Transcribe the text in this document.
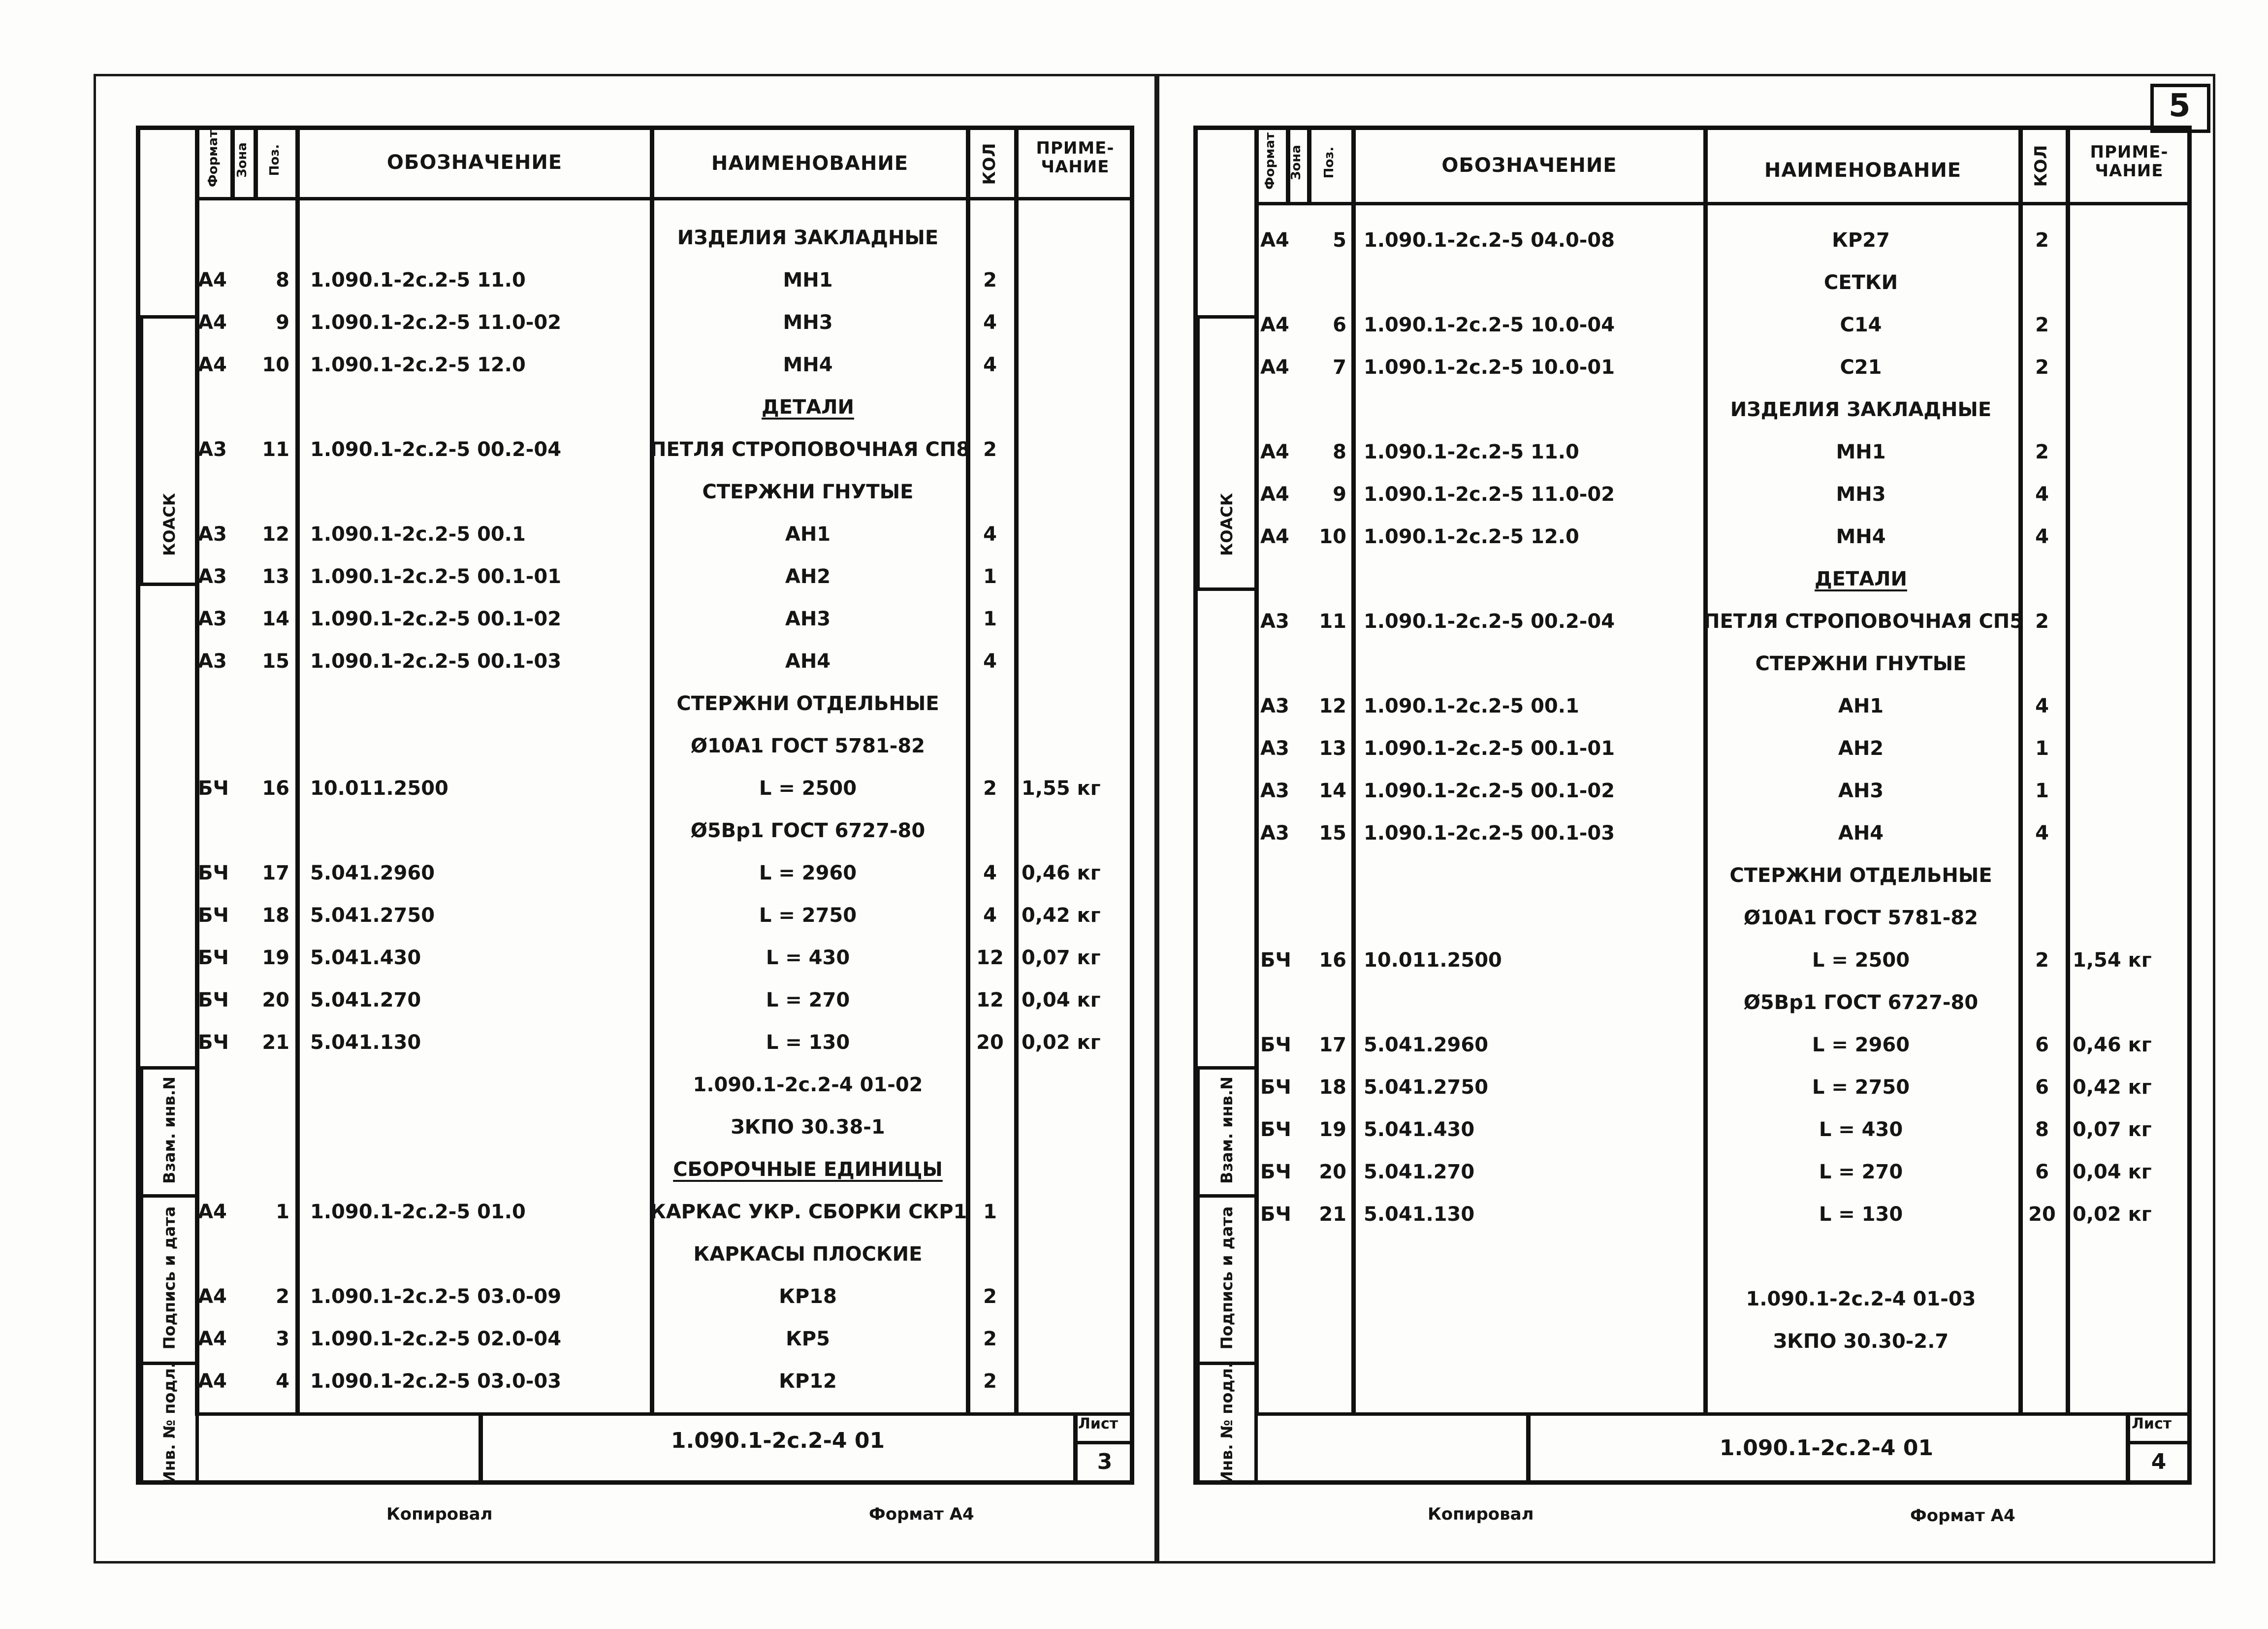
Формат Зона Поз.	ОБОЗНАЧЕНИЕ	НАИМЕНОВАНИЕ	КОЛ	ПРИМЕ-
ЧАНИЕ
ИЗДЕЛИЯ ЗАКЛАДНЫЕ
А4	8 1.090.1-2с.2-5 11.0	МН1	2
А4	9 1.090.1-2с.2-5 11.0-02	МН3	4
А4	10 1.090.1-2с.2-5 12.0	МН4	4
ДЕТАЛИ
А3	11 1.090.1-2с.2-5 00.2-04	ПЕТЛЯ СТРОПОВОЧНАЯ СП8 2
СТЕРЖНИ ГНУТЫЕ
А3	12 1.090.1-2с.2-5 00.1	АН1	4
А3	13 1.090.1-2с.2-5 00.1-01	АН2	1
А3	14 1.090.1-2с.2-5 00.1-02	АН3	1
А3	15 1.090.1-2с.2-5 00.1-03	АН4	4
СТЕРЖНИ ОТДЕЛЬНЫЕ
Ø10А1 ГОСТ 5781-82
БЧ	16 10.011.2500	L = 2500	2	1,55 кг
Ø5Вр1 ГОСТ 6727-80
БЧ	17 5.041.2960	L = 2960	4	0,46 кг
БЧ	18 5.041.2750	L = 2750	4	0,42 кг
БЧ	19 5.041.430	L = 430	12 0,07 кг
БЧ	20 5.041.270	L = 270	12 0,04 кг
БЧ	21 5.041.130	L = 130	20 0,02 кг
1.090.1-2с.2-4 01-02
ЗКПО 30.38-1
СБОРОЧНЫЕ ЕДИНИЦЫ
А4	1 1.090.1-2с.2-5 01.0	КАРКАС УКР. СБОРКИ СКР1 1
КАРКАСЫ ПЛОСКИЕ
А4	2 1.090.1-2с.2-5 03.0-09	КР18	2
А4	3 1.090.1-2с.2-5 02.0-04	КР5	2
А4	4 1.090.1-2с.2-5 03.0-03	КР12	2
1.090.1-2с.2-4 01
Лист
3
Копировал	Формат А4
КОАСК
Взам. инв.N
Подпись и дата
Инв. № подл.
Формат Зона Поз.	ОБОЗНАЧЕНИЕ	НАИМЕНОВАНИЕ	КОЛ	ПРИМЕ-
ЧАНИЕ
А4	5 1.090.1-2с.2-5 04.0-08	КР27	2
СЕТКИ
А4	6 1.090.1-2с.2-5 10.0-04	С14	2
А4	7 1.090.1-2с.2-5 10.0-01	С21	2
ИЗДЕЛИЯ ЗАКЛАДНЫЕ
А4	8 1.090.1-2с.2-5 11.0	МН1	2
А4	9 1.090.1-2с.2-5 11.0-02	МН3	4
А4	10 1.090.1-2с.2-5 12.0	МН4	4
ДЕТАЛИ
А3	11 1.090.1-2с.2-5 00.2-04	ПЕТЛЯ СТРОПОВОЧНАЯ СП5 2
СТЕРЖНИ ГНУТЫЕ
А3	12 1.090.1-2с.2-5 00.1	АН1	4
А3	13 1.090.1-2с.2-5 00.1-01	АН2	1
А3	14 1.090.1-2с.2-5 00.1-02	АН3	1
А3	15 1.090.1-2с.2-5 00.1-03	АН4	4
СТЕРЖНИ ОТДЕЛЬНЫЕ
Ø10А1 ГОСТ 5781-82
БЧ	16 10.011.2500	L = 2500	2	1,54 кг
Ø5Вр1 ГОСТ 6727-80
БЧ	17 5.041.2960	L = 2960	6	0,46 кг
БЧ	18 5.041.2750	L = 2750	6	0,42 кг
БЧ	19 5.041.430	L = 430	8	0,07 кг
БЧ	20 5.041.270	L = 270	6	0,04 кг
БЧ	21 5.041.130	L = 130	20 0,02 кг
1.090.1-2с.2-4 01-03
ЗКПО 30.30-2.7
1.090.1-2с.2-4 01
Лист
4
Копировал	Формат А4
5
КОАСК
Взам. инв.N
Подпись и дата
Инв. № подл.
